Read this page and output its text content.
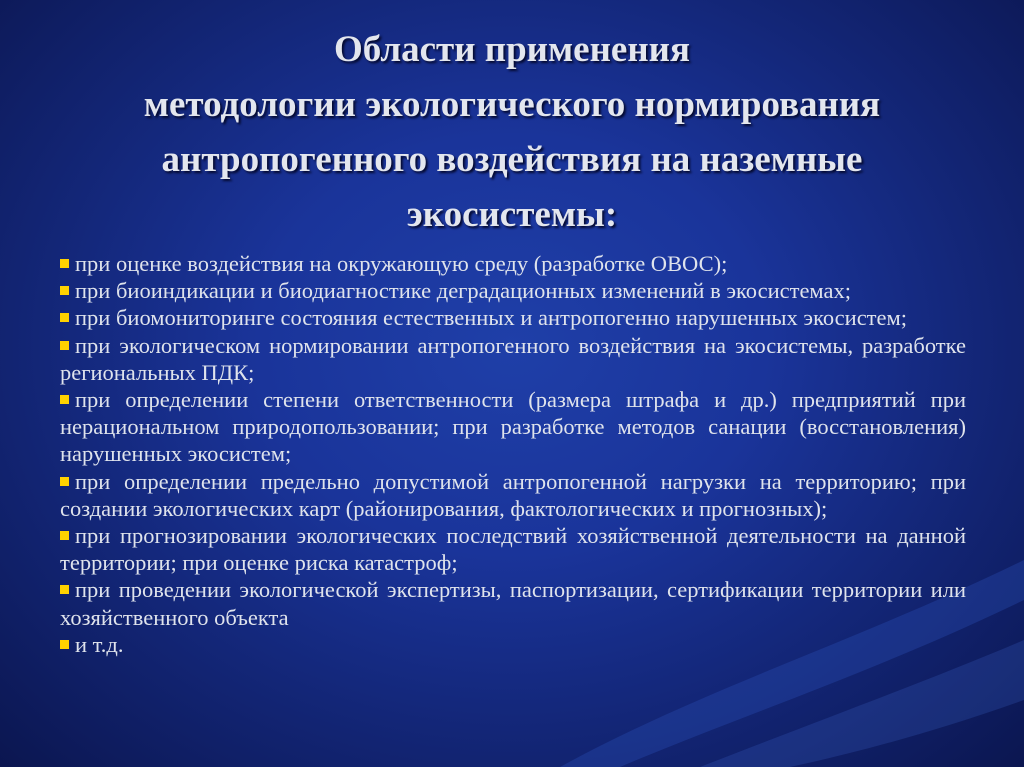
Области применения
методологии экологического нормирования
антропогенного воздействия на наземные
экосистемы:
при оценке воздействия на окружающую среду (разработке ОВОС);
при биоиндикации и биодиагностике деградационных изменений в экосистемах;
при биомониторинге состояния естественных и антропогенно нарушенных экосистем;
при экологическом нормировании антропогенного воздействия на экосистемы, разработке региональных ПДК;
при определении степени ответственности (размера штрафа и др.) предприятий при нерациональном природопользовании; при разработке методов санации (восстановления) нарушенных экосистем;
при определении предельно допустимой антропогенной нагрузки на территорию; при создании экологических карт (районирования, фактологических и прогнозных);
при прогнозировании экологических последствий хозяйственной деятельности на данной территории; при оценке риска катастроф;
при проведении экологической экспертизы, паспортизации, сертификации территории или хозяйственного объекта
и т.д.
